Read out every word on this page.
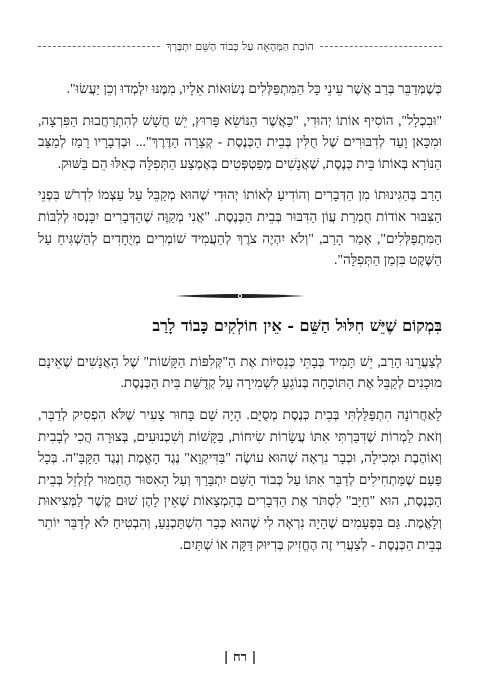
הוֹבַת הַמְּהָאָה עַל כְּבוֹד הַשֵּׁם יִתְבָּרַךְ

כְּשֶׁמְּדַבֵּר בְּרַב אֲשֶׁר עֵינֵי כָּל הַמִּתְפַּלְּלִים נְשׂוּאוֹת אֵלָיו, מִמֶּנּוּ יִלְמְדוּ וְכֵן יַעֲשׂוּ".

"וּבִכְלָל", הוֹסִיף אוֹתוֹ יְהוּדִי, "כַּאֲשֶׁר הַנּוֹשֵׂא פָּרוּץ, יֵשׁ חֲשָׁשׁ לְהִתְרַחֲבוּת הַפִּרְצָה, וּמִכָּאן וָעַד לְדִבּוּרִים שֶׁל חֻלִּין בְּבֵית הַכְּנֶסֶת - קְצָרָה הַדֶּרֶךְ"... וּבְדְבָרָיו רָמַז לְמַצָּב הַנּוֹרָא בְּאוֹתוֹ בֵּית כְּנֶסֶת, שֶׁאֲנָשִׁים מְפַטְפְּטִים בְּאֶמְצַע הַתְּפִלָּה כְּאִלּוּ הֵם בַּשּׁוּק.

הָרַב בְּהַגִּינוּתוֹ מִן הַדְּבָרִים וְהוֹדִיעַ לְאוֹתוֹ יְהוּדִי שֶׁהוּא מְקַבֵּל עַל עַצְמוֹ לִדְרֹשׁ בִּפְנֵי הַצִּבּוּר אוֹדוֹת חֻמְרַת עֲוֹן הַדִּבּוּר בְּבֵית הַכְּנֶסֶת. "אֲנִי מְקַוֶּה שֶׁהַדְּבָרִים יִכָּנְסוּ לְלִבּוֹת הַמִּתְפַּלְּלִים", אָמַר הָרַב, "וְלֹא יִהְיֶה צֹרֶךְ לְהַעֲמִיד שׁוֹמְרִים מְיֻחָדִים לְהַשְׁגִּיחַ עַל הַשֶּׁקֶט בִּזְמַן הַתְּפִלָּה".

בִּמְקוֹם שֶׁיֵּשׁ חִלּוּל הַשֵּׁם - אֵין חוֹלְקִים כָּבוֹד לָרַב

לְצַעֲרֵנוּ הָרַב, יֵשׁ תָּמִיד בְּבָתֵּי כְּנֵסִיּוֹת אֶת הַ"קְּלִפּוֹת הַקָּשׁוֹת" שֶׁל הָאֲנָשִׁים שֶׁאֵינָם מוּכָנִים לְקַבֵּל אֶת הַתּוֹכָחָה בְּנוֹגֵעַ לִשְׁמִירָה עַל קְדֻשַּׁת בֵּית הַכְּנֶסֶת.

לָאַחֲרוֹנָה הִתְפַּלַּלְתִּי בְּבֵית כְּנֶסֶת מְסֻיָּם. הָיָה שָׁם בָּחוּר צָעִיר שֶׁלֹּא הִפְסִיק לְדַבֵּר, וְזֹאת לַמְרוֹת שֶׁדִּבַּרְתִּי אִתּוֹ עֲשָׂרוֹת שִׂיחוֹת, בַּקָּשׁוֹת וְשִׁכְנוּעִים, בְּצוּרָה הֲכִי לְבָבִית וְאוֹהֶבֶת וּמְכִילָה, וּכְבָר נִרְאָה שֶׁהוּא עוֹשֶׂה "בַּדִּיקְוָא" נֶגֶד הָאֱמֶת וְנֶגֶד הַקָּבָּ"ה. בְּכָל פַּעַם שֶׁמַּתְחִילִים לְדַבֵּר אִתּוֹ עַל כְּבוֹד הַשֵּׁם יִתְבָּרַךְ וְעַל הָאִסּוּר הֶחָמוּר לְזַלְזֵל בְּבֵית הַכְּנֶסֶת, הוּא "חַיָּב" לִסְתֹּר אֶת הַדְּבָרִים בְּהַמְצָאוֹת שֶׁאֵין לָהֶן שׁוּם קֶשֶׁר לַמְּצִיאוּת וְלָאֱמֶת. גַּם בִּפְעָמִים שֶׁהָיָה נִרְאָה לִי שֶׁהוּא כְּבָר הִשְׁתַּכְנֵעַ, וְהִבְטִיחַ לֹא לְדַבֵּר יוֹתֵר בְּבֵית הַכְּנֶסֶת - לְצַעֲרִי זֶה הֶחֱזִיק בְּדִיּוּק דַּקָּה אוֹ שְׁתַּיִם.

| רח |
